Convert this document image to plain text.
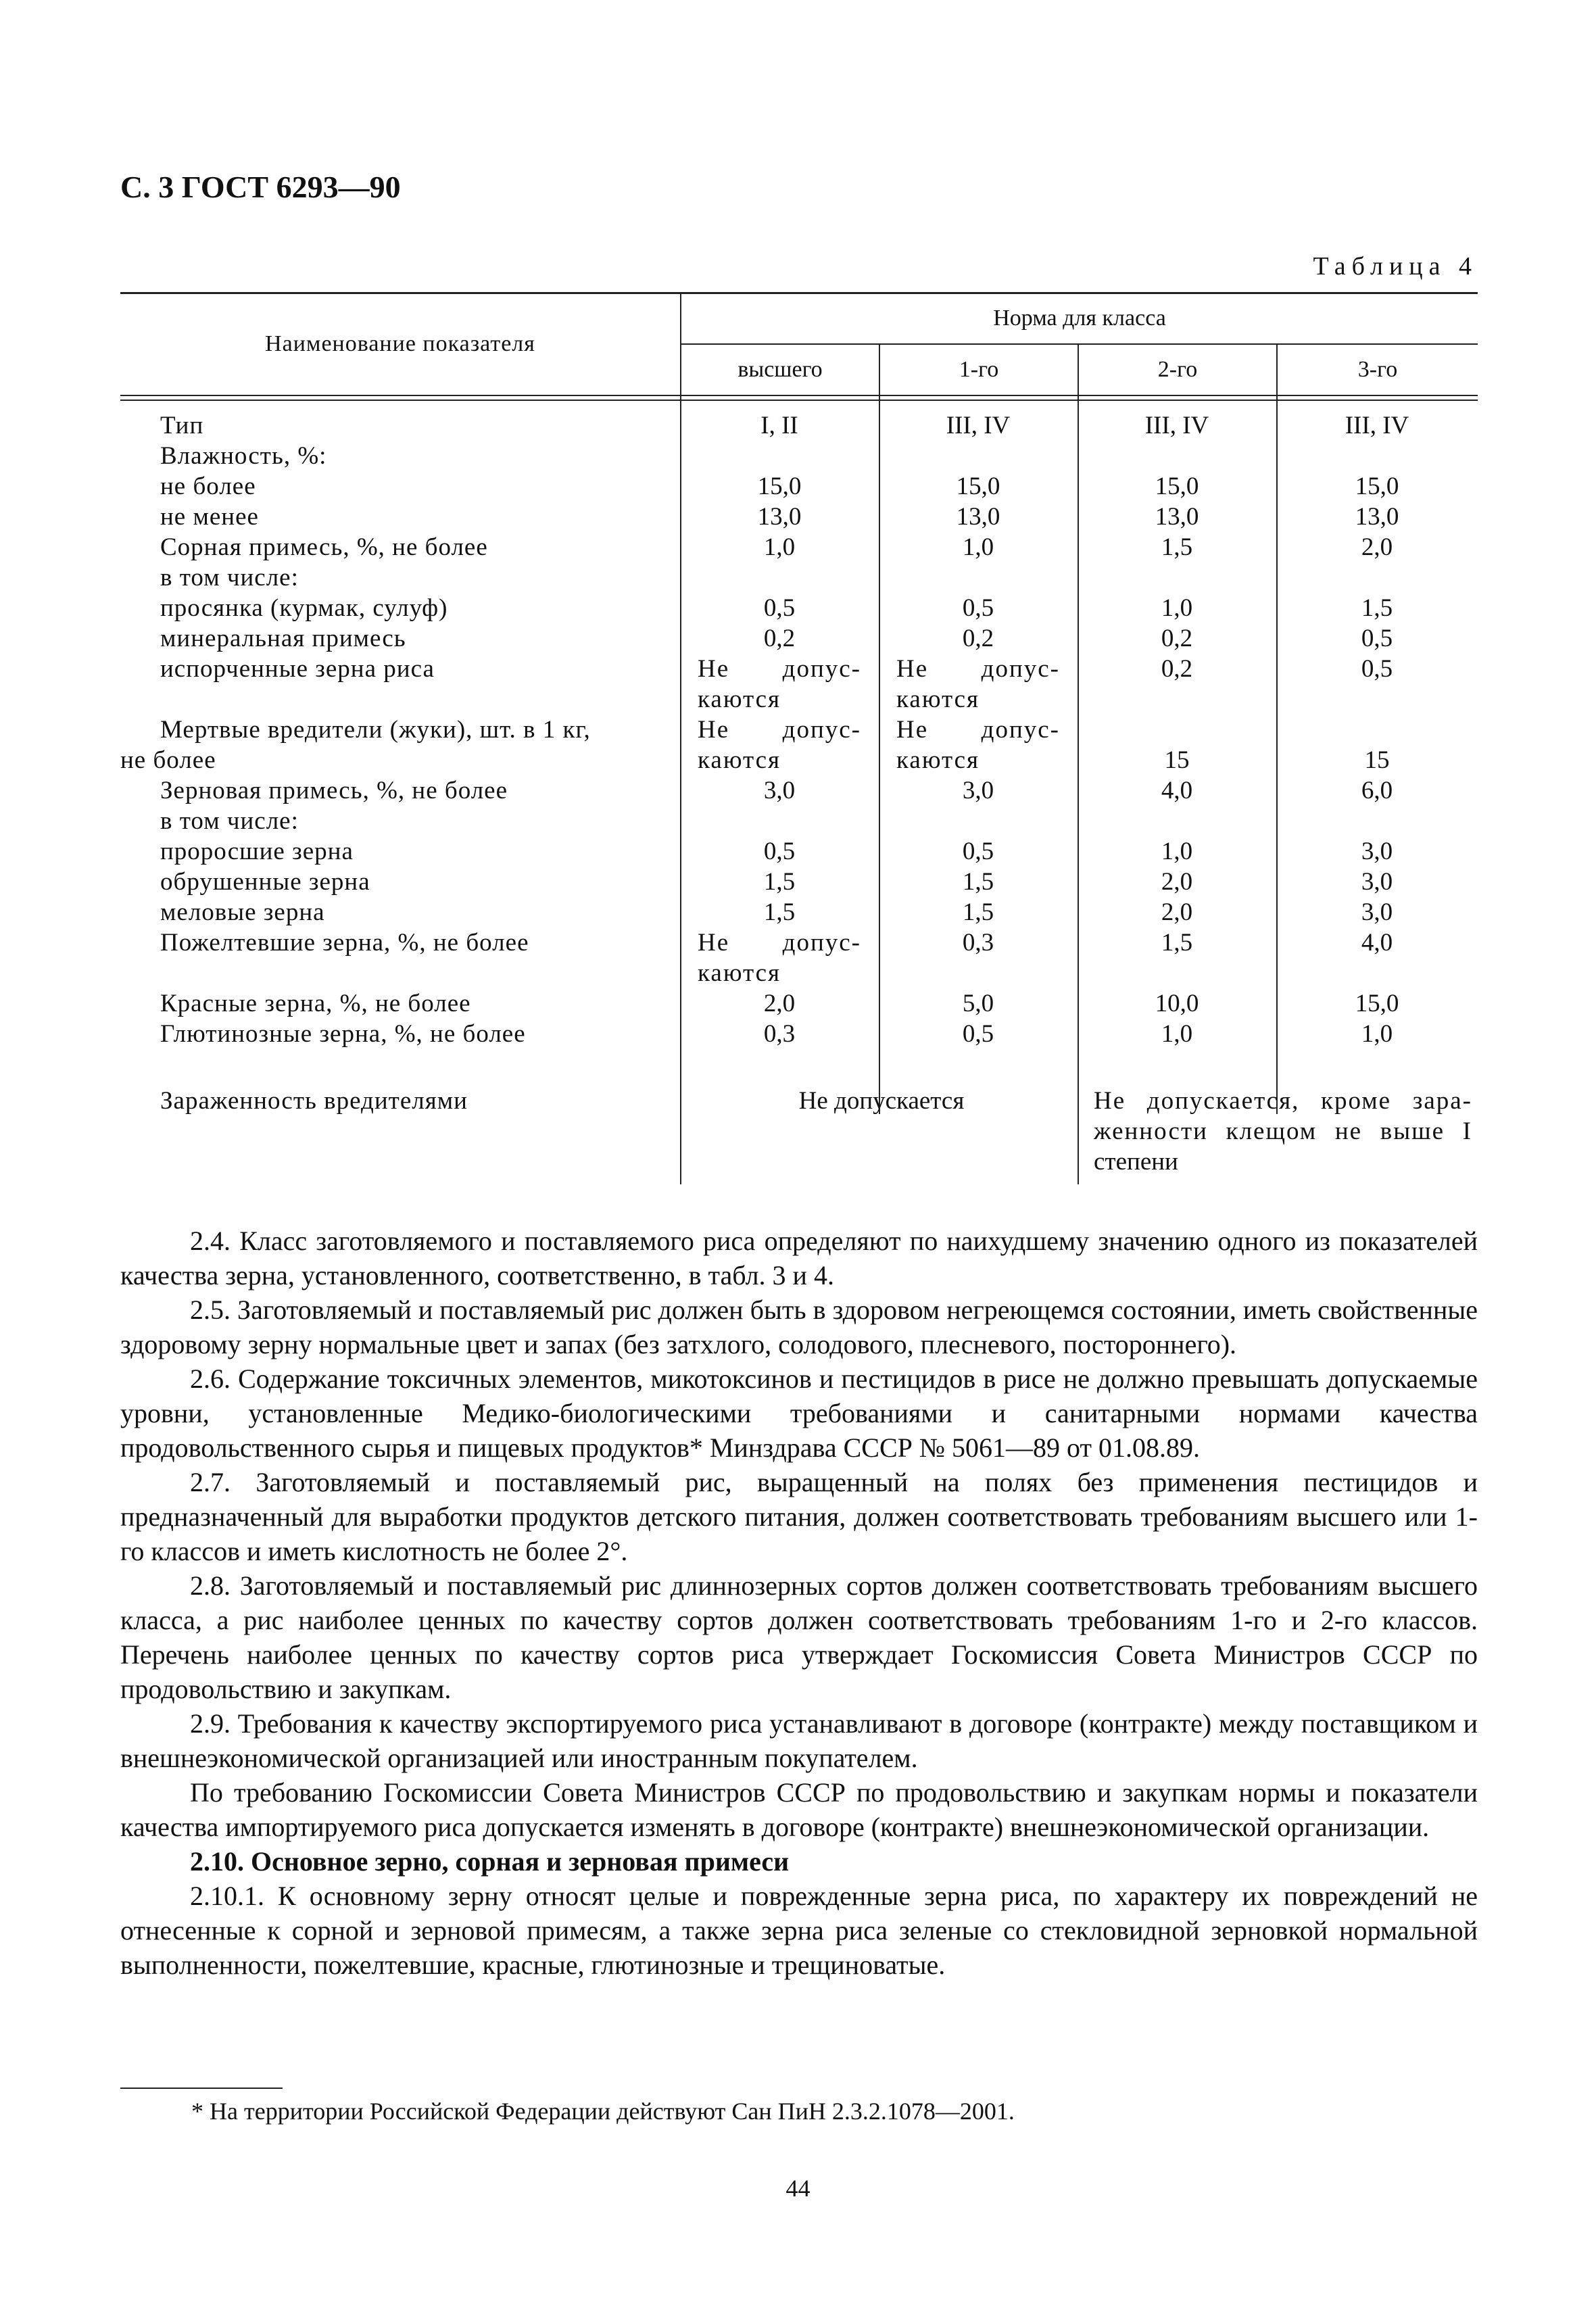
С. 3 ГОСТ 6293—90
Таблица 4
Наименование показателя
Норма для класса
высшего	1-го	2-го	3-го
Тип	I, II	III, IV	III, IV	III, IV
Влажность, %:
не более	15,0	15,0	15,0	15,0
не менее	13,0	13,0	13,0	13,0
Сорная примесь, %, не более	1,0	1,0	1,5	2,0
в том числе:
просянка (курмак, сулуф)	0,5	0,5	1,0	1,5
минеральная примесь	0,2	0,2	0,2	0,5
испорченные зерна риса	Не допус-	Не допус-	0,2	0,5
каются	каются
Мертвые вредители (жуки), шт. в 1 кг,	Не допус-	Не допус-
не более	каются	каются	15	15
Зерновая примесь, %, не более	3,0	3,0	4,0	6,0
в том числе:
проросшие зерна	0,5	0,5	1,0	3,0
обрушенные зерна	1,5	1,5	2,0	3,0
меловые зерна	1,5	1,5	2,0	3,0
Пожелтевшие зерна, %, не более	Не допус-	0,3	1,5	4,0
каются
Красные зерна, %, не более	2,0	5,0	10,0	15,0
Глютинозные зерна, %, не более	0,3	0,5	1,0	1,0
Зараженность вредителями	Не допускается	Не допускается, кроме зара-
женности клещом не выше I
степени

2.4. Класс заготовляемого и поставляемого риса определяют по наихудшему значению одного из показателей качества зерна, установленного, соответственно, в табл. 3 и 4.

2.5. Заготовляемый и поставляемый рис должен быть в здоровом негреющемся состоянии, иметь свойственные здоровому зерну нормальные цвет и запах (без затхлого, солодового, плесневого, постороннего).

2.6. Содержание токсичных элементов, микотоксинов и пестицидов в рисе не должно превышать допускаемые уровни, установленные Медико-биологическими требованиями и санитарными нормами качества продовольственного сырья и пищевых продуктов* Минздрава СССР № 5061—89 от 01.08.89.

2.7. Заготовляемый и поставляемый рис, выращенный на полях без применения пестицидов и предназначенный для выработки продуктов детского питания, должен соответствовать требованиям высшего или 1-го классов и иметь кислотность не более 2°.

2.8. Заготовляемый и поставляемый рис длиннозерных сортов должен соответствовать требованиям высшего класса, а рис наиболее ценных по качеству сортов должен соответствовать требованиям 1-го и 2-го классов. Перечень наиболее ценных по качеству сортов риса утверждает Госкомиссия Совета Министров СССР по продовольствию и закупкам.

2.9. Требования к качеству экспортируемого риса устанавливают в договоре (контракте) между поставщиком и внешнеэкономической организацией или иностранным покупателем.

По требованию Госкомиссии Совета Министров СССР по продовольствию и закупкам нормы и показатели качества импортируемого риса допускается изменять в договоре (контракте) внешнеэкономической организации.

2.10. Основное зерно, сорная и зерновая примеси

2.10.1. К основному зерну относят целые и поврежденные зерна риса, по характеру их повреждений не отнесенные к сорной и зерновой примесям, а также зерна риса зеленые со стекловидной зерновкой нормальной выполненности, пожелтевшие, красные, глютинозные и трещиноватые.

* На территории Российской Федерации действуют Сан ПиН 2.3.2.1078—2001.
44
